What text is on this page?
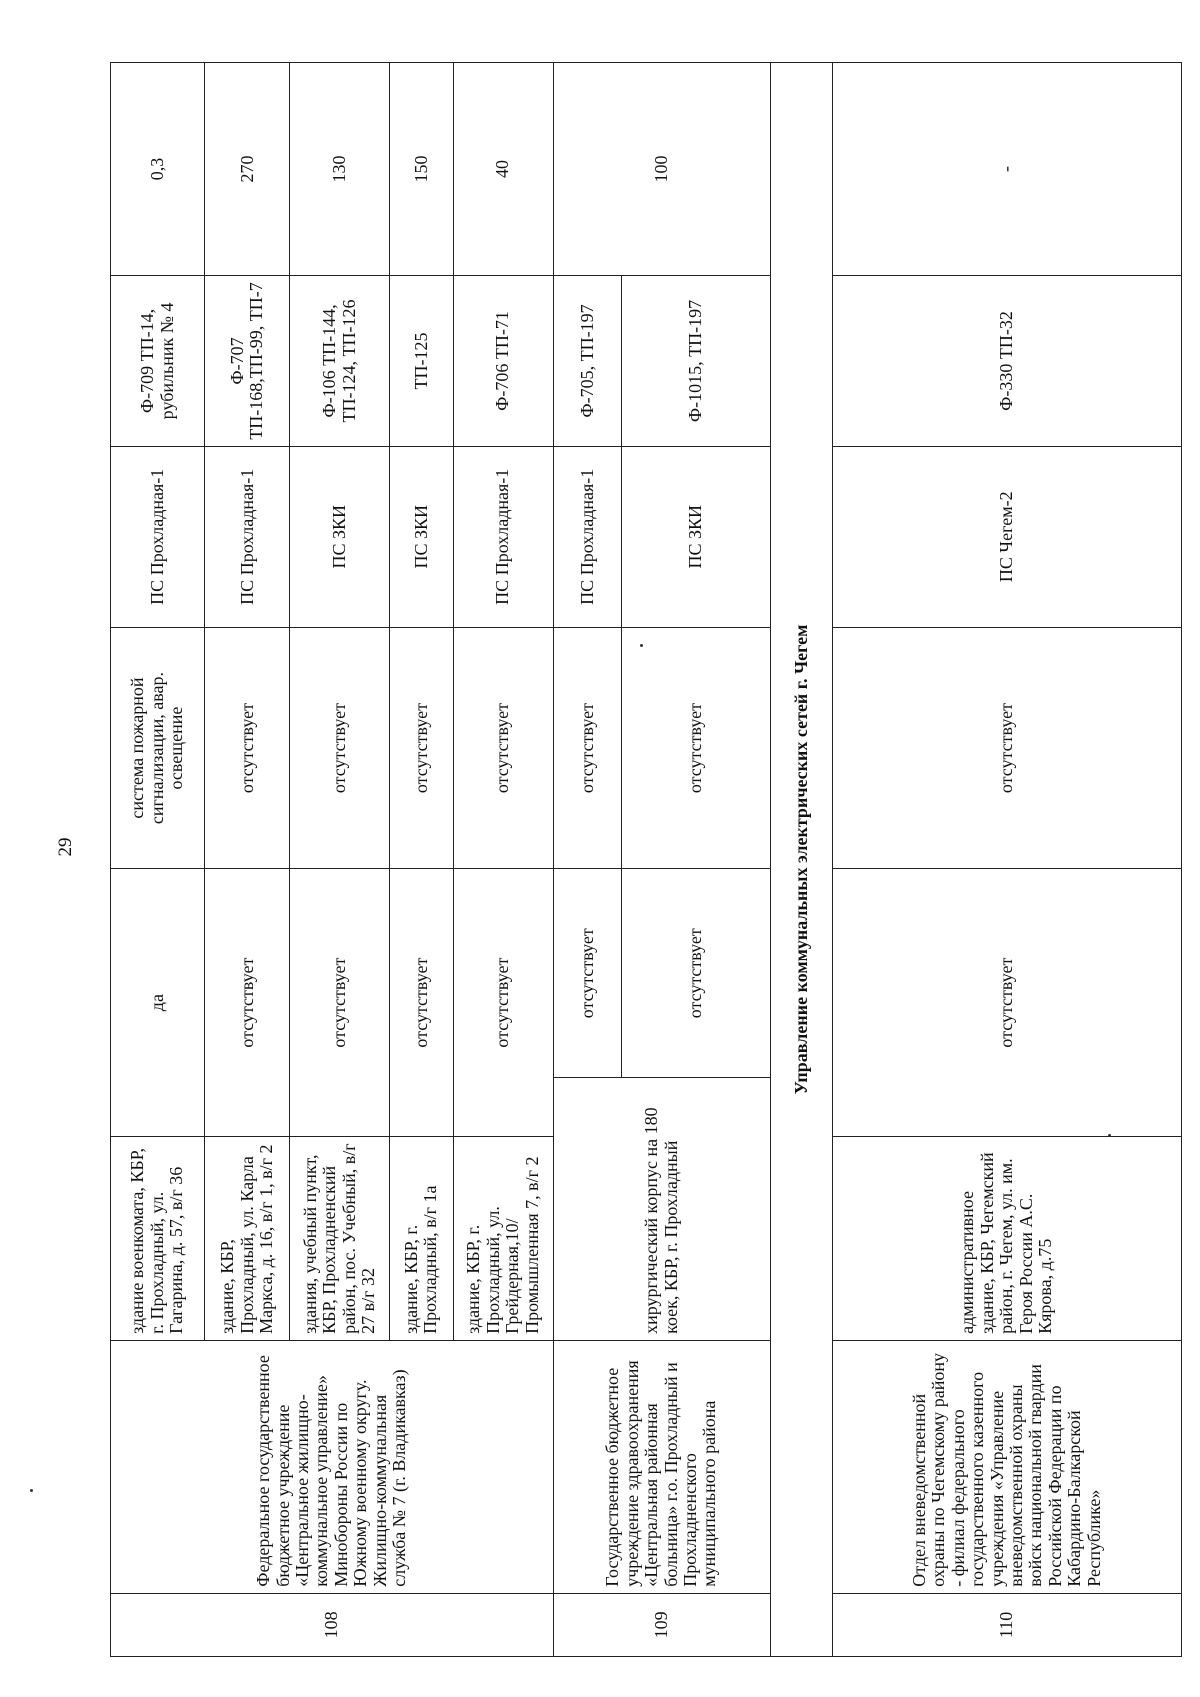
29
108	Федеральное государственное бюджетное учреждение «Центральное жилищно-коммунальное управление» Минобороны России по Южному военному округу. Жилищно-коммунальная служба № 7 (г. Владикавказ)	здание военкомата, КБР, г. Прохладный, ул. Гагарина, д. 57, в/г 36	да		система пожарной сигнализации, авар. освещение	ПС Прохладная-1	Ф-709 ТП-14, рубильник № 4	0,3
		здание, КБР, Прохладный, ул. Карла Маркса, д. 16, в/г 1, в/г 2	отсутствует		отсутствует	ПС Прохладная-1	Ф-707 ТП-168,ТП-99, ТП-7	270
		здания, учебный пункт, КБР, Прохладненский район, пос. Учебный, в/г 27 в/г 32	отсутствует		отсутствует	ПС ЗКИ	Ф-106 ТП-144, ТП-124, ТП-126	130
		здание, КБР, г. Прохладный, в/г 1а	отсутствует		отсутствует	ПС ЗКИ	ТП-125	150
		здание, КБР, г. Прохладный, ул. Грейдерная,10/ Промышленная 7, в/г 2	отсутствует		отсутствует	ПС Прохладная-1	Ф-706 ТП-71	40
109	Государственное бюджетное учреждение здравоохранения «Центральная районная больница» г.о. Прохладный и Прохладненского муниципального района	хирургический корпус на 180 коек, КБР, г. Прохладный		отсутствует	отсутствует	ПС Прохладная-1	Ф-705, ТП-197	100
				отсутствует	отсутствует	ПС ЗКИ	Ф-1015, ТП-197	
Управление коммунальных электрических сетей г. Чегем								
110	Отдел вневедомственной охраны по Чегемскому району - филиал федерального государственного казенного учреждения «Управление вневедомственной охраны войск национальной гвардии Российской Федерации по Кабардино-Балкарской Республике»	административное здание, КБР, Чегемский район, г. Чегем, ул. им. Героя России А.С. Кярова, д.75	отсутствует		отсутствует	ПС Чегем-2	Ф-330 ТП-32	-
